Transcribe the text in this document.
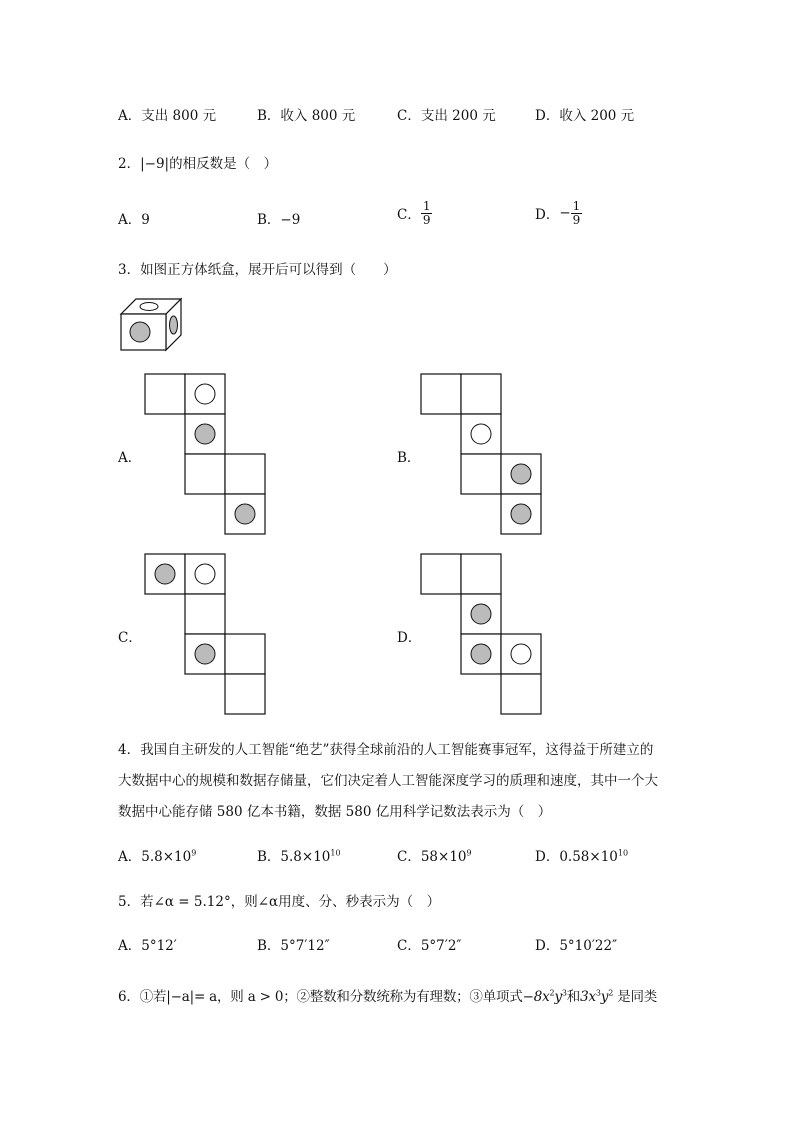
A．支出 800 元	B．收入 800 元	C．支出 200 元	D．收入 200 元
2．|−9|的相反数是（　）
A．9	B．−9	C． $\frac{1}{9}$	D．− $\frac{1}{9}$
3．如图正方体纸盒，展开后可以得到（　　）
A．	B．
C．	D．
4．我国自主研发的人工智能“绝艺”获得全球前沿的人工智能赛事冠军，这得益于所建立的
大数据中心的规模和数据存储量，它们决定着人工智能深度学习的质理和速度，其中一个大
数据中心能存储 580 亿本书籍，数据 580 亿用科学记数法表示为（　）
A．$5.8\times 10^9$	B．$5.8\times 10^{10}$	C．$58\times 10^9$	D．$0.58\times 10^{10}$
5．若∠α = 5.12°，则∠α用度、分、秒表示为（　）
A．5°12′	B．5°7′12″	C．5°7′2″	D．5°10′22″
6．①若|−a|= a，则 a > 0；②整数和分数统称为有理数；③单项式$-8x^2y^3$和$3x^3y^2$ 是同类
